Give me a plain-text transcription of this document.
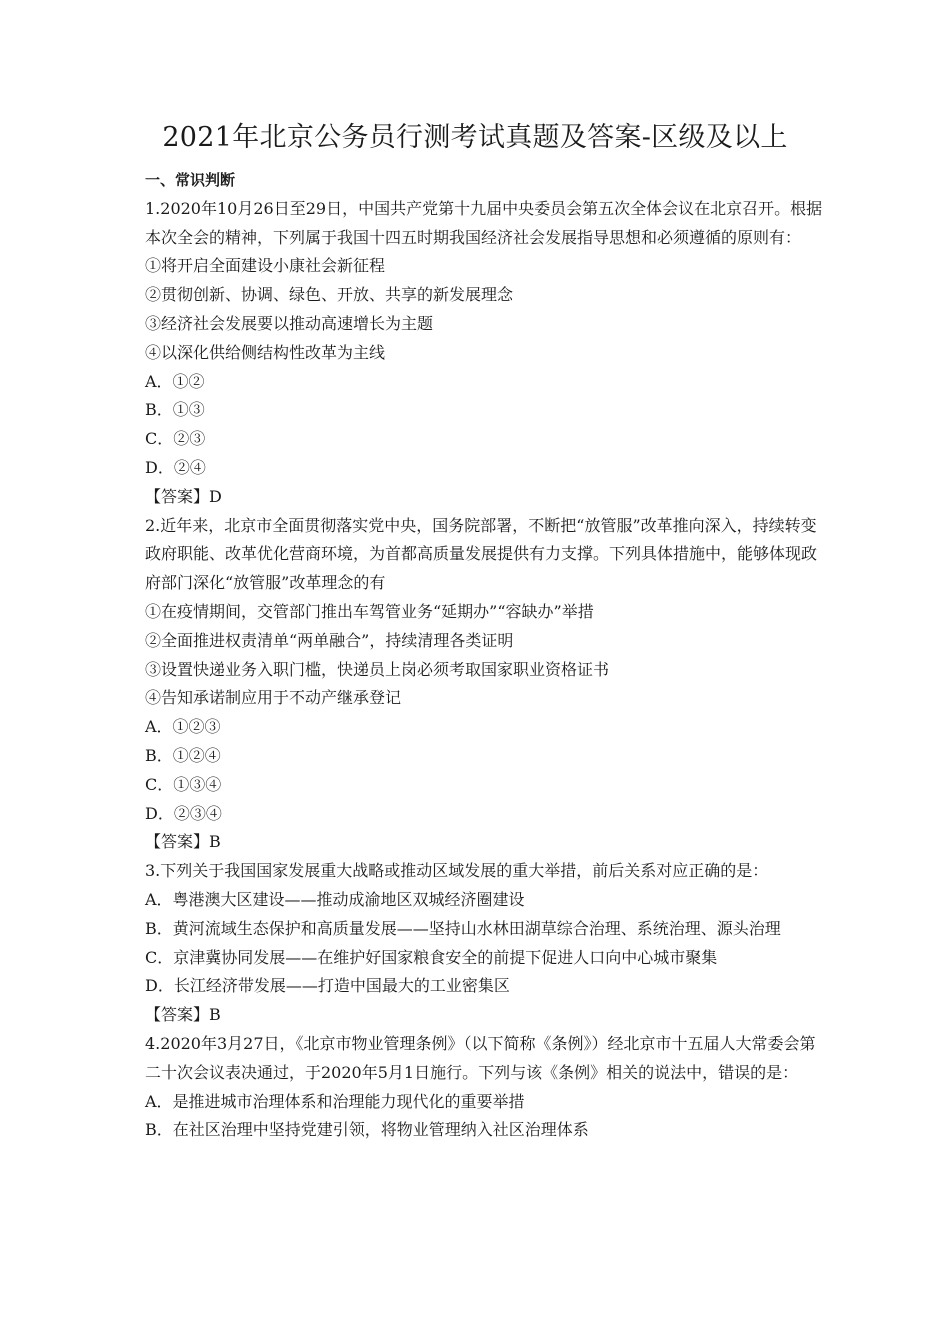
2021年北京公务员行测考试真题及答案-区级及以上

一、常识判断

1.2020年10月26日至29日，中国共产党第十九届中央委员会第五次全体会议在北京召开。根据本次全会的精神，下列属于我国十四五时期我国经济社会发展指导思想和必须遵循的原则有：

①将开启全面建设小康社会新征程

②贯彻创新、协调、绿色、开放、共享的新发展理念

③经济社会发展要以推动高速增长为主题

④以深化供给侧结构性改革为主线

A．①②

B．①③

C．②③

D．②④

【答案】D

2.近年来，北京市全面贯彻落实党中央，国务院部署，不断把“放管服”改革推向深入，持续转变政府职能、改革优化营商环境，为首都高质量发展提供有力支撑。下列具体措施中，能够体现政府部门深化“放管服”改革理念的有

①在疫情期间，交管部门推出车驾管业务“延期办”“容缺办”举措

②全面推进权责清单“两单融合”，持续清理各类证明

③设置快递业务入职门槛，快递员上岗必须考取国家职业资格证书

④告知承诺制应用于不动产继承登记

A．①②③

B．①②④

C．①③④

D．②③④

【答案】B

3.下列关于我国国家发展重大战略或推动区域发展的重大举措，前后关系对应正确的是：

A．粤港澳大区建设——推动成渝地区双城经济圈建设

B．黄河流域生态保护和高质量发展——坚持山水林田湖草综合治理、系统治理、源头治理

C．京津冀协同发展——在维护好国家粮食安全的前提下促进人口向中心城市聚集

D．长江经济带发展——打造中国最大的工业密集区

【答案】B

4.2020年3月27日，《北京市物业管理条例》（以下简称《条例》）经北京市十五届人大常委会第二十次会议表决通过，于2020年5月1日施行。下列与该《条例》相关的说法中，错误的是：

A．是推进城市治理体系和治理能力现代化的重要举措

B．在社区治理中坚持党建引领，将物业管理纳入社区治理体系
